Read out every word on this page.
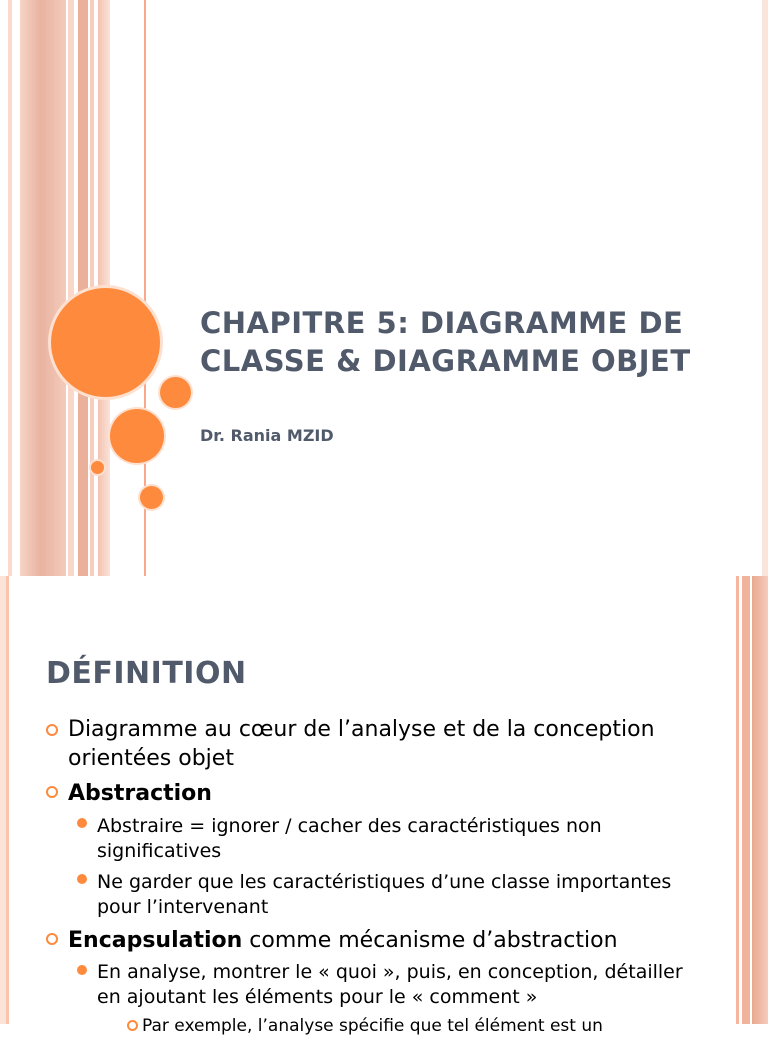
CHAPITRE 5: DIAGRAMME DE CLASSE & DIAGRAMME OBJET

Dr. Rania MZID

DÉFINITION
Diagramme au cœur de l’analyse et de la conception orientées objet
Abstraction
Abstraire = ignorer / cacher des caractéristiques non significatives
Ne garder que les caractéristiques d’une classe importantes pour l’intervenant
Encapsulation comme mécanisme d’abstraction
En analyse, montrer le « quoi », puis, en conception, détailler en ajoutant les éléments pour le « comment »
Par exemple, l’analyse spécifie que tel élément est un
